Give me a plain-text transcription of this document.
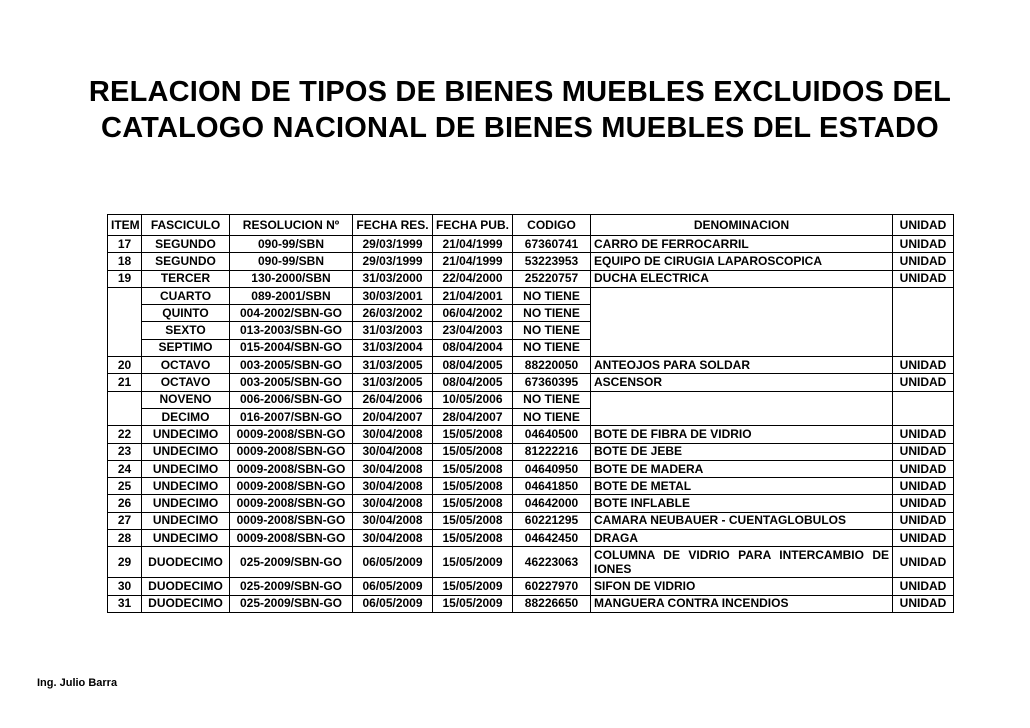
RELACION DE TIPOS DE BIENES MUEBLES EXCLUIDOS DEL
CATALOGO NACIONAL DE BIENES MUEBLES DEL ESTADO
ITEM	FASCICULO	RESOLUCION Nº	FECHA RES.	FECHA PUB.	CODIGO	DENOMINACION	UNIDAD
17	SEGUNDO	090-99/SBN	29/03/1999	21/04/1999	67360741	CARRO DE FERROCARRIL	UNIDAD
18	SEGUNDO	090-99/SBN	29/03/1999	21/04/1999	53223953	EQUIPO DE CIRUGIA LAPAROSCOPICA	UNIDAD
19	TERCER	130-2000/SBN	31/03/2000	22/04/2000	25220757	DUCHA ELECTRICA	UNIDAD
	CUARTO	089-2001/SBN	30/03/2001	21/04/2001	NO TIENE		
	QUINTO	004-2002/SBN-GO	26/03/2002	06/04/2002	NO TIENE		
	SEXTO	013-2003/SBN-GO	31/03/2003	23/04/2003	NO TIENE		
	SEPTIMO	015-2004/SBN-GO	31/03/2004	08/04/2004	NO TIENE		
20	OCTAVO	003-2005/SBN-GO	31/03/2005	08/04/2005	88220050	ANTEOJOS PARA SOLDAR	UNIDAD
21	OCTAVO	003-2005/SBN-GO	31/03/2005	08/04/2005	67360395	ASCENSOR	UNIDAD
	NOVENO	006-2006/SBN-GO	26/04/2006	10/05/2006	NO TIENE		
	DECIMO	016-2007/SBN-GO	20/04/2007	28/04/2007	NO TIENE		
22	UNDECIMO	0009-2008/SBN-GO	30/04/2008	15/05/2008	04640500	BOTE DE FIBRA DE VIDRIO	UNIDAD
23	UNDECIMO	0009-2008/SBN-GO	30/04/2008	15/05/2008	81222216	BOTE DE JEBE	UNIDAD
24	UNDECIMO	0009-2008/SBN-GO	30/04/2008	15/05/2008	04640950	BOTE DE MADERA	UNIDAD
25	UNDECIMO	0009-2008/SBN-GO	30/04/2008	15/05/2008	04641850	BOTE DE METAL	UNIDAD
26	UNDECIMO	0009-2008/SBN-GO	30/04/2008	15/05/2008	04642000	BOTE INFLABLE	UNIDAD
27	UNDECIMO	0009-2008/SBN-GO	30/04/2008	15/05/2008	60221295	CAMARA NEUBAUER - CUENTAGLOBULOS	UNIDAD
28	UNDECIMO	0009-2008/SBN-GO	30/04/2008	15/05/2008	04642450	DRAGA	UNIDAD
29	DUODECIMO	025-2009/SBN-GO	06/05/2009	15/05/2009	46223063	COLUMNA DE VIDRIO PARA INTERCAMBIO DE IONES	UNIDAD
30	DUODECIMO	025-2009/SBN-GO	06/05/2009	15/05/2009	60227970	SIFON DE VIDRIO	UNIDAD
31	DUODECIMO	025-2009/SBN-GO	06/05/2009	15/05/2009	88226650	MANGUERA CONTRA INCENDIOS	UNIDAD
Ing. Julio Barra
